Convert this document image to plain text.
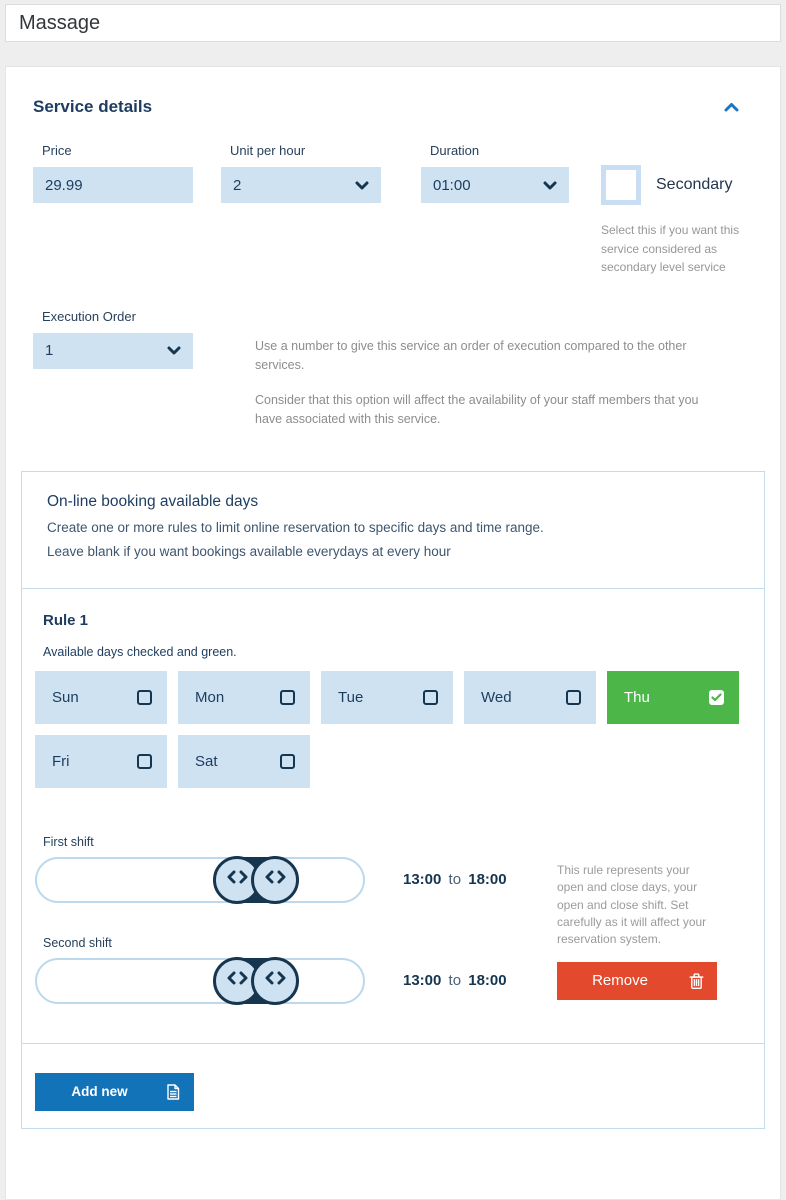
Massage
Service details
Price
29.99
Unit per hour
2
Duration
01:00	Secondary

Select this if you want this service considered as secondary level service

Execution Order
1	Use a number to give this service an order of execution compared to the other services.

Consider that this option will affect the availability of your staff members that you have associated with this service.

On-line booking available days
Create one or more rules to limit online reservation to specific days and time range.
Leave blank if you want bookings available everydays at every hour
Rule 1
Available days checked and green.
Sun	Mon	Tue	Wed	Thu
Fri	Sat
First shift
13:00 to 18:00
Second shift
13:00 to 18:00

This rule represents your open and close days, your open and close shift. Set carefully as it will affect your reservation system.

Remove
Add new
